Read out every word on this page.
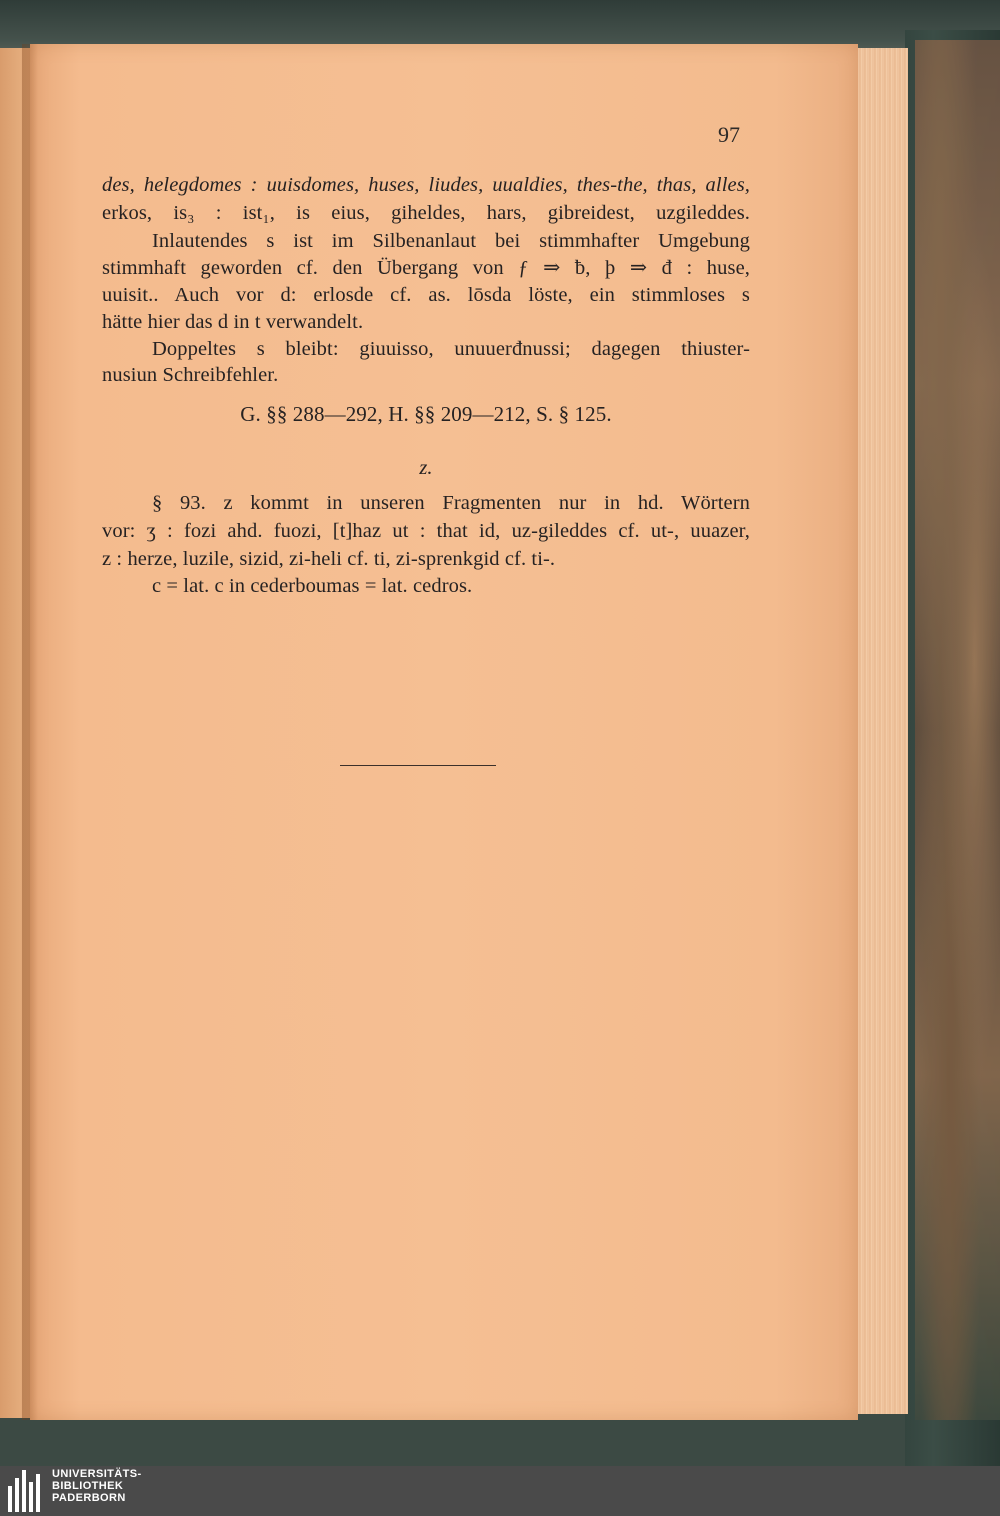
97
des, helegdomes : uuisdomes, huses, liudes, uualdies, thes-the, thas, alles,
erkos, is₃ : ist₁, is eius, giheldes, hars, gibreidest, uzgileddes.
Inlautendes s ist im Silbenanlaut bei stimmhafter Umgebung
stimmhaft geworden cf. den Übergang von ƒ ⇒ ƀ, þ ⇒ đ : huse,
uuisit.. Auch vor d: erlosde cf. as. lōsda löste, ein stimmloses s
hätte hier das d in t verwandelt.
Doppeltes s bleibt: giuuisso, unuuerđnussi; dagegen thiuster-
nusiun Schreibfehler.
G. §§ 288—292, H. §§ 209—212, S. § 125.
z.
§ 93. z kommt in unseren Fragmenten nur in hd. Wörtern
vor: ʒ : fozi ahd. fuozi, [t]haz ut : that id, uz-gileddes cf. ut-, uuazer,
z : herze, luzile, sizid, zi-heli cf. ti, zi-sprenkgid cf. ti-.
c = lat. c in cederboumas = lat. cedros.
UNIVERSITÄTS-
BIBLIOTHEK
PADERBORN
